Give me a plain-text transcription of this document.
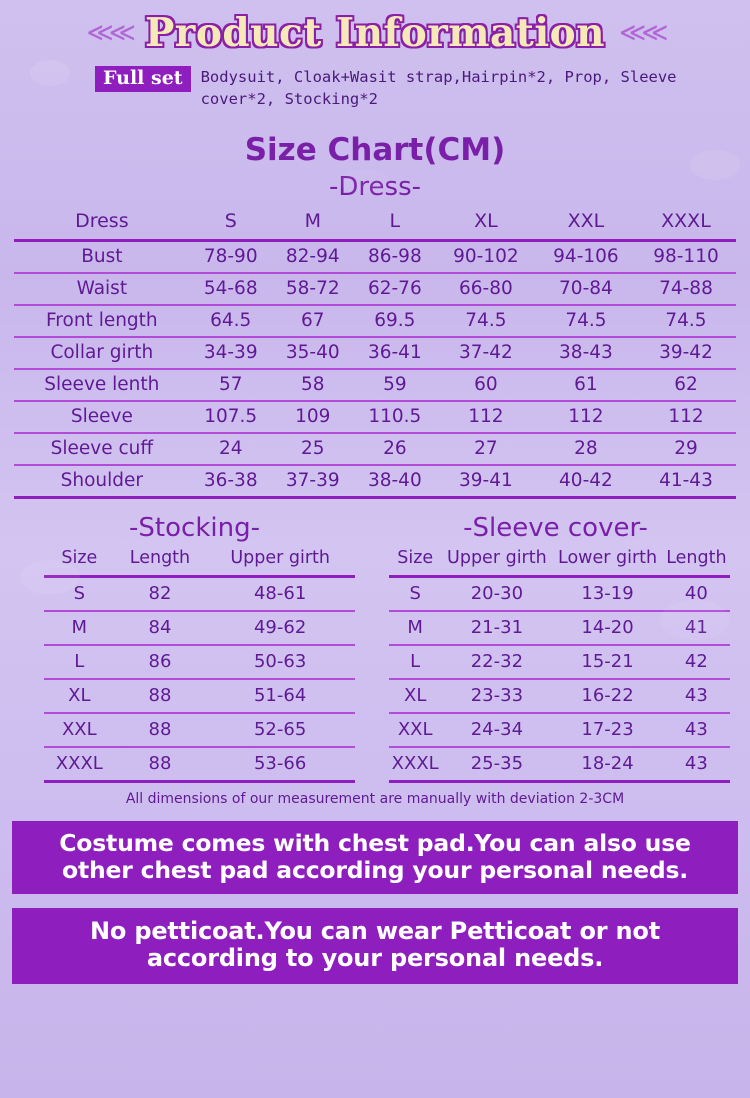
≪≪ Product Information ≪≪
Full set	Bodysuit, Cloak+Wasit strap,Hairpin*2, Prop, Sleeve cover*2, Stocking*2
Size Chart(CM)
-Dress-
Dress	S	M	L	XL	XXL	XXXL
Bust	78-90	82-94	86-98	90-102	94-106	98-110
Waist	54-68	58-72	62-76	66-80	70-84	74-88
Front length	64.5	67	69.5	74.5	74.5	74.5
Collar girth	34-39	35-40	36-41	37-42	38-43	39-42
Sleeve lenth	57	58	59	60	61	62
Sleeve	107.5	109	110.5	112	112	112
Sleeve cuff	24	25	26	27	28	29
Shoulder	36-38	37-39	38-40	39-41	40-42	41-43
-Stocking-
Size	Length	Upper girth
S	82	48-61
M	84	49-62
L	86	50-63
XL	88	51-64
XXL	88	52-65
XXXL	88	53-66
-Sleeve cover-
Size	Upper girth	Lower girth	Length
S	20-30	13-19	40
M	21-31	14-20	41
L	22-32	15-21	42
XL	23-33	16-22	43
XXL	24-34	17-23	43
XXXL	25-35	18-24	43
All dimensions of our measurement are manually with deviation 2-3CM
Costume comes with chest pad.You can also use
other chest pad according your personal needs.
No petticoat.You can wear Petticoat or not
according to your personal needs.
